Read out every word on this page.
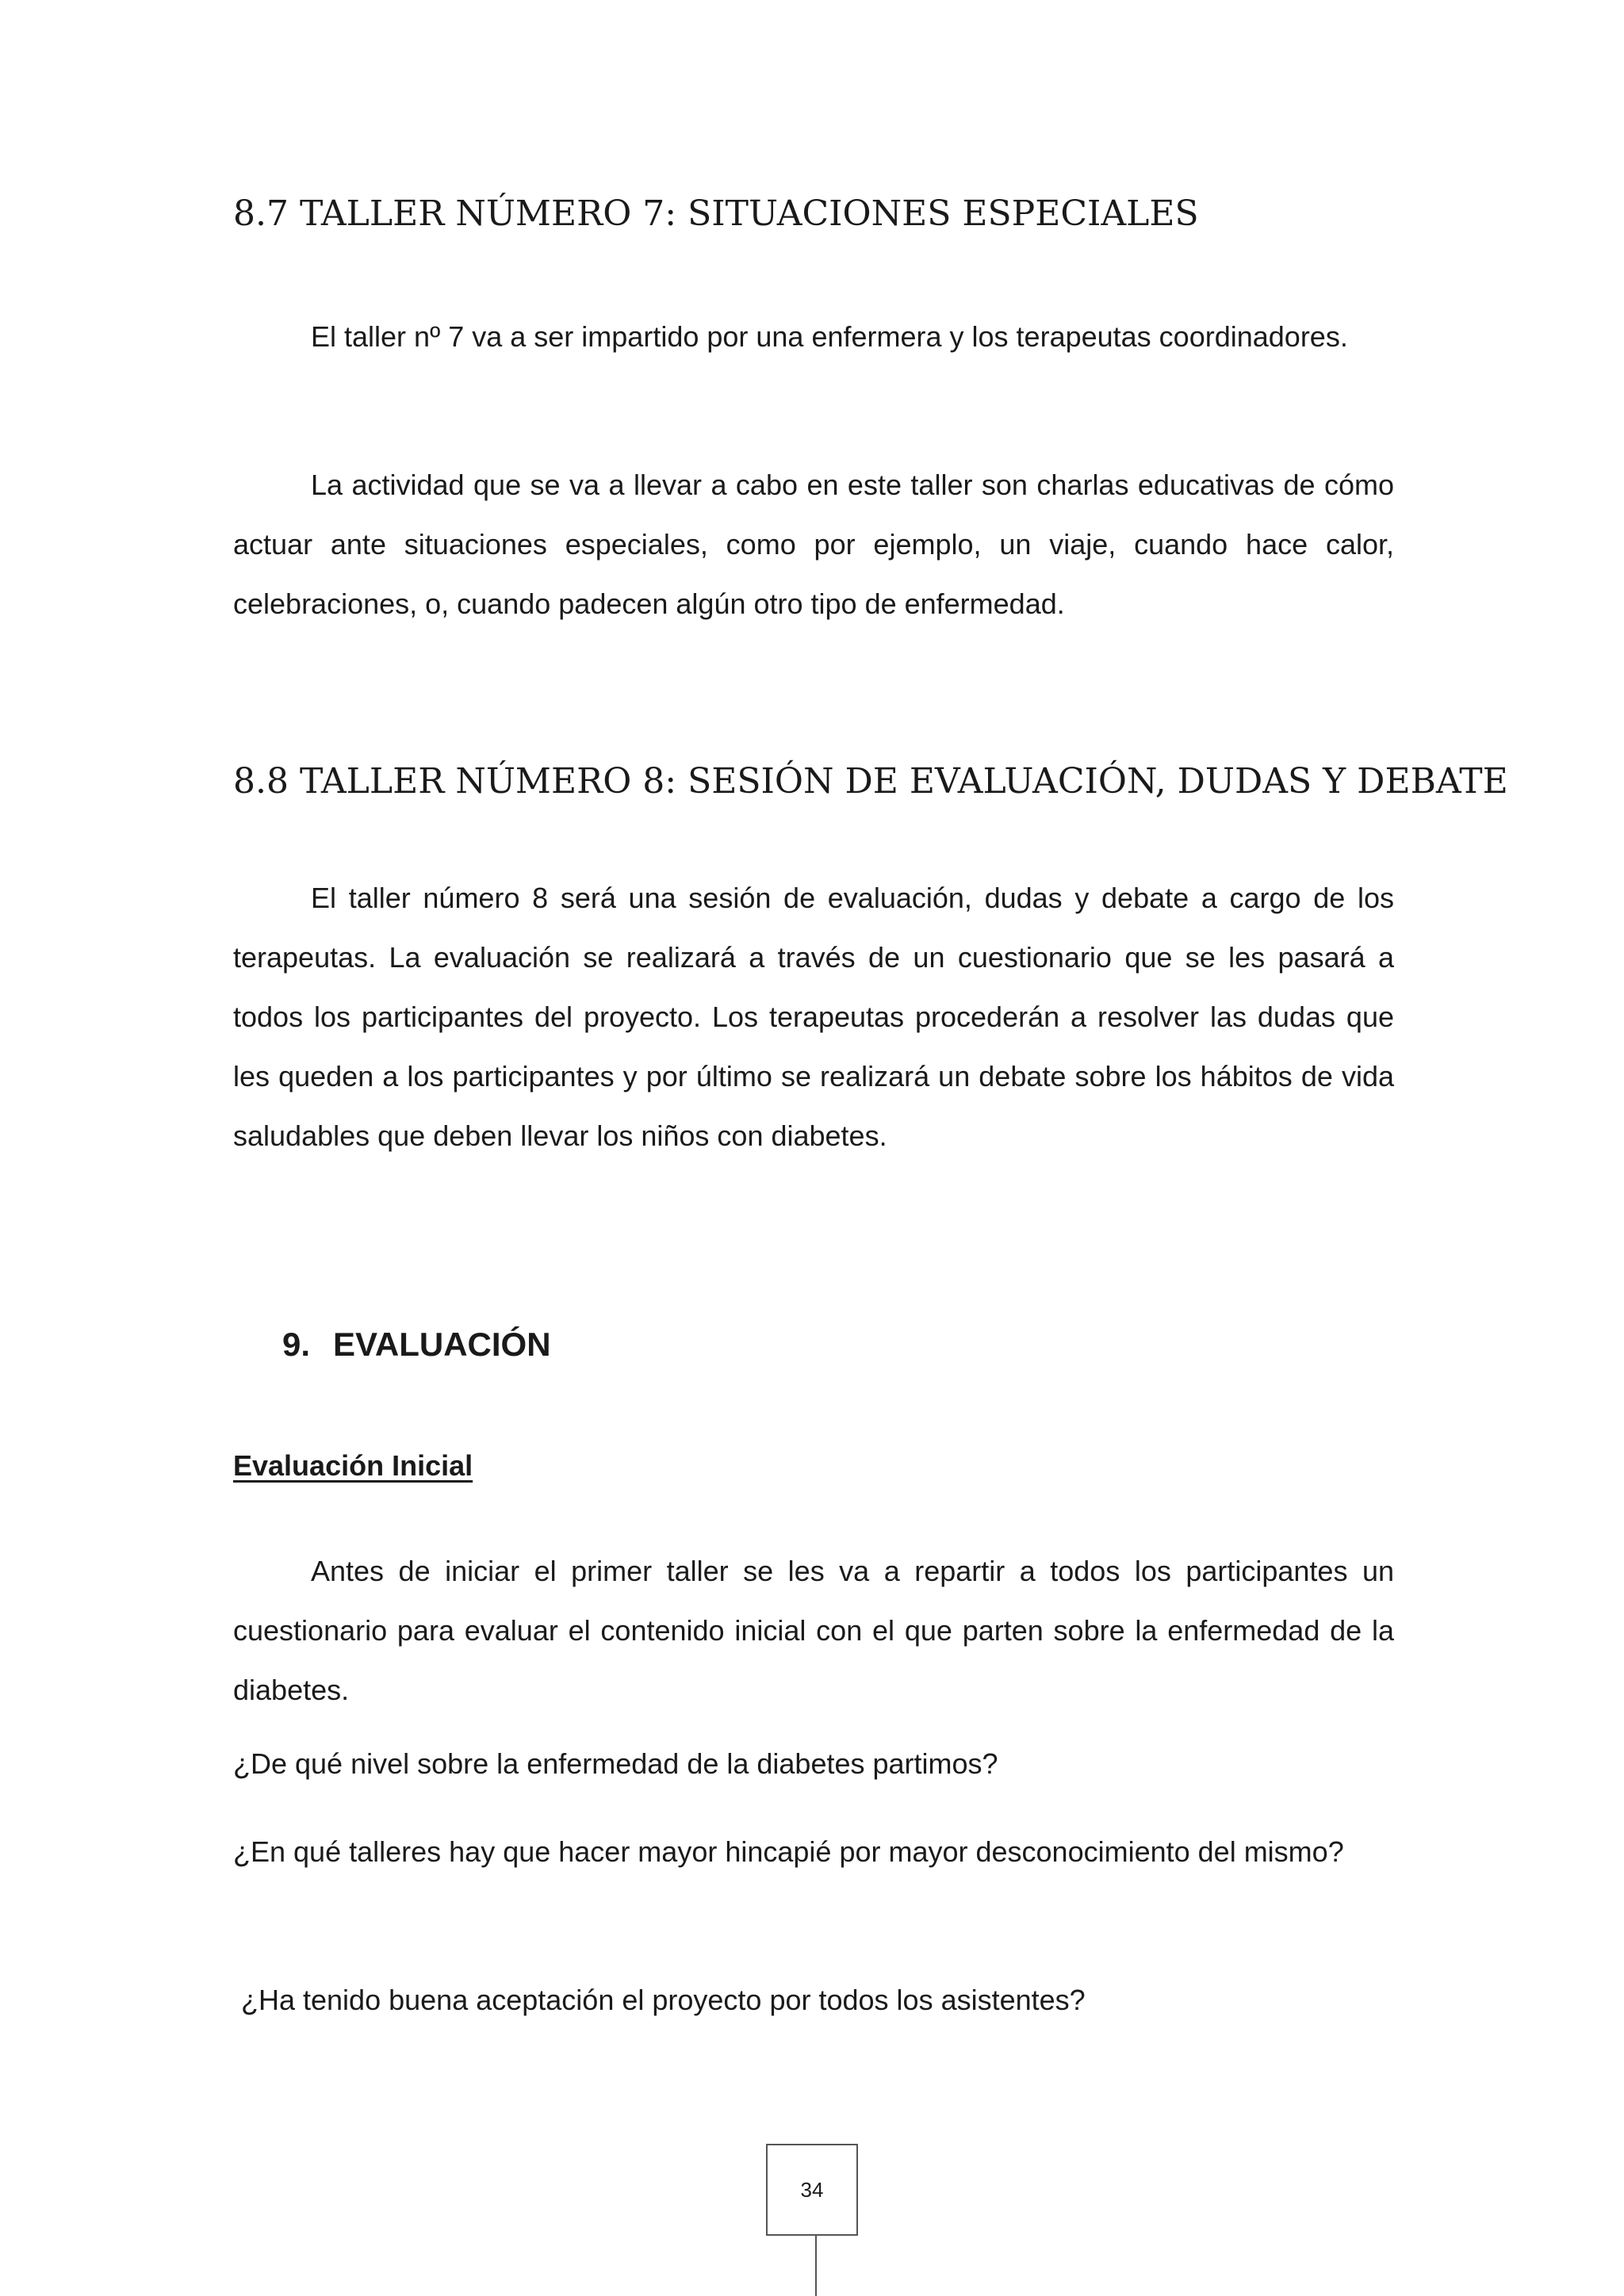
8.7 TALLER NÚMERO 7: SITUACIONES ESPECIALES

El taller nº 7 va a ser impartido por una enfermera y los terapeutas coordinadores.

La actividad que se va a llevar a cabo en este taller son charlas educativas de cómo actuar ante situaciones especiales, como por ejemplo, un viaje, cuando hace calor, celebraciones, o, cuando padecen algún otro tipo de enfermedad.

8.8 TALLER NÚMERO 8: SESIÓN DE EVALUACIÓN, DUDAS Y DEBATE

El taller número 8 será una sesión de evaluación, dudas y debate a cargo de los terapeutas. La evaluación se realizará a través de un cuestionario que se les pasará a todos los participantes del proyecto. Los terapeutas procederán a resolver las dudas que les queden a los participantes y por último se realizará un debate sobre los hábitos de vida saludables que deben llevar los niños con diabetes.

9. EVALUACIÓN
Evaluación Inicial

Antes de iniciar el primer taller se les va a repartir a todos los participantes un cuestionario para evaluar el contenido inicial con el que parten sobre la enfermedad de la diabetes.

¿De qué nivel sobre la enfermedad de la diabetes partimos?

¿En qué talleres hay que hacer mayor hincapié por mayor desconocimiento del mismo?

¿Ha tenido buena aceptación el proyecto por todos los asistentes?

34
